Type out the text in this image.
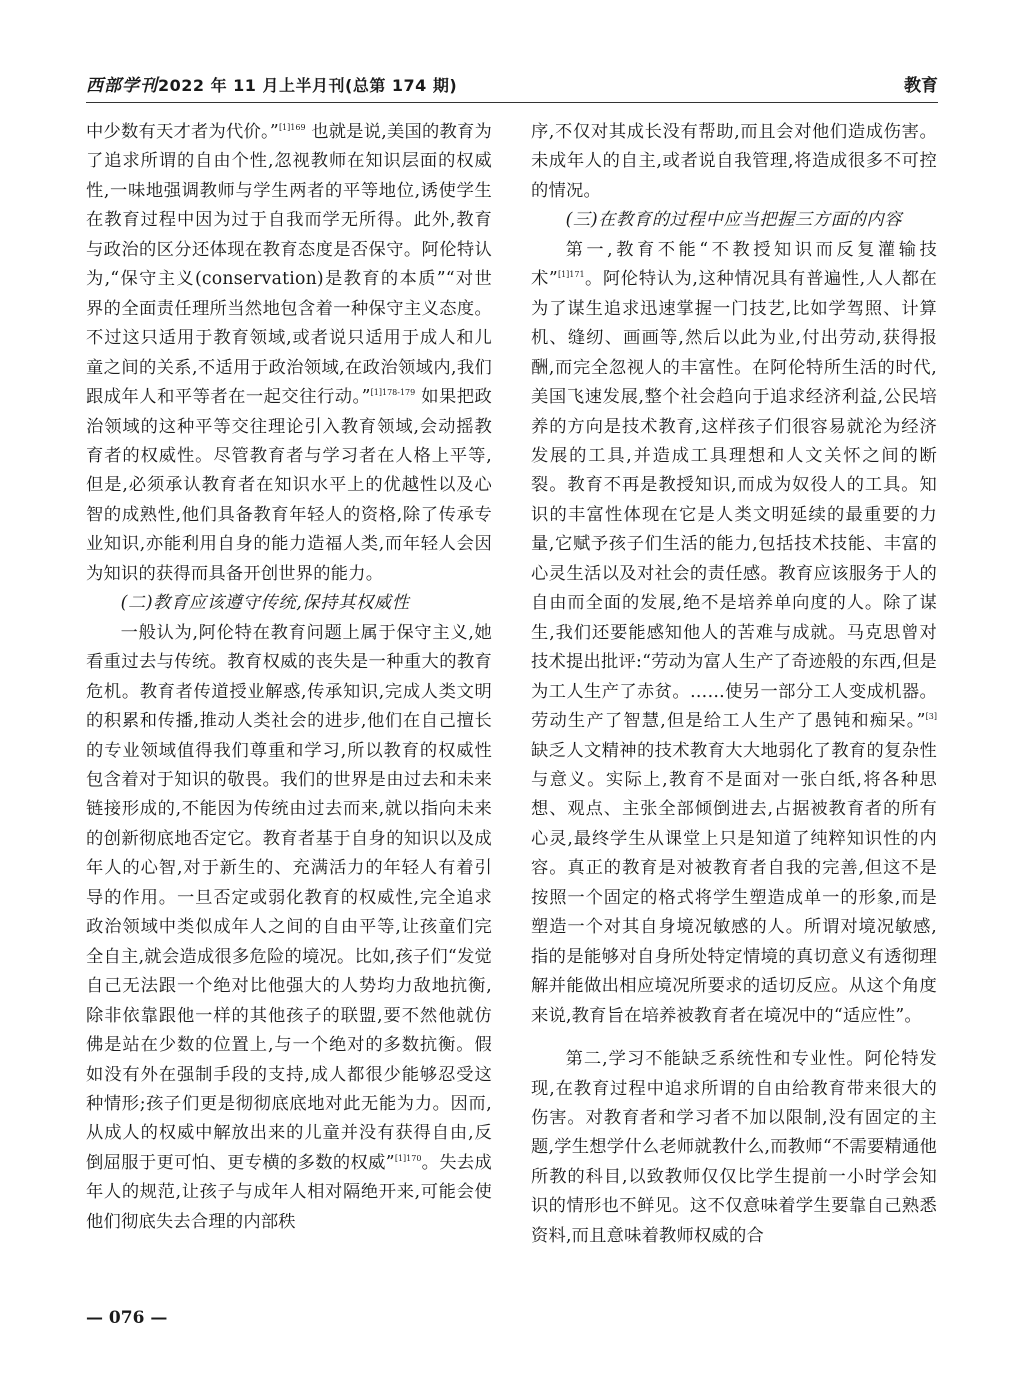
西部学刊 2022 年 11 月上半月刊(总第 174 期)	教育

中少数有天才者为代价。”$^{[1]169}$ 也就是说,美国的教育为了追求所谓的自由个性,忽视教师在知识层面的权威性,一味地强调教师与学生两者的平等地位,诱使学生在教育过程中因为过于自我而学无所得。此外,教育与政治的区分还体现在教育态度是否保守。阿伦特认为,“保守主义(conservation)是教育的本质”“对世界的全面责任理所当然地包含着一种保守主义态度。不过这只适用于教育领域,或者说只适用于成人和儿童之间的关系,不适用于政治领域,在政治领域内,我们跟成年人和平等者在一起交往行动。”$^{[1]178-179}$ 如果把政治领域的这种平等交往理论引入教育领域,会动摇教育者的权威性。尽管教育者与学习者在人格上平等,但是,必须承认教育者在知识水平上的优越性以及心智的成熟性,他们具备教育年轻人的资格,除了传承专业知识,亦能利用自身的能力造福人类,而年轻人会因为知识的获得而具备开创世界的能力。

(二)教育应该遵守传统,保持其权威性

一般认为,阿伦特在教育问题上属于保守主义,她看重过去与传统。教育权威的丧失是一种重大的教育危机。教育者传道授业解惑,传承知识,完成人类文明的积累和传播,推动人类社会的进步,他们在自己擅长的专业领域值得我们尊重和学习,所以教育的权威性包含着对于知识的敬畏。我们的世界是由过去和未来链接形成的,不能因为传统由过去而来,就以指向未来的创新彻底地否定它。教育者基于自身的知识以及成年人的心智,对于新生的、充满活力的年轻人有着引导的作用。一旦否定或弱化教育的权威性,完全追求政治领域中类似成年人之间的自由平等,让孩童们完全自主,就会造成很多危险的境况。比如,孩子们“发觉自己无法跟一个绝对比他强大的人势均力敌地抗衡,除非依靠跟他一样的其他孩子的联盟,要不然他就仿佛是站在少数的位置上,与一个绝对的多数抗衡。假如没有外在强制手段的支持,成人都很少能够忍受这种情形;孩子们更是彻彻底底地对此无能为力。因而,从成人的权威中解放出来的儿童并没有获得自由,反倒屈服于更可怕、更专横的多数的权威”$^{[1]170}$。失去成年人的规范,让孩子与成年人相对隔绝开来,可能会使他们彻底失去合理的内部秩

序,不仅对其成长没有帮助,而且会对他们造成伤害。未成年人的自主,或者说自我管理,将造成很多不可控的情况。

(三)在教育的过程中应当把握三方面的内容

第一,教育不能“不教授知识而反复灌输技术”$^{[1]171}$。阿伦特认为,这种情况具有普遍性,人人都在为了谋生追求迅速掌握一门技艺,比如学驾照、计算机、缝纫、画画等,然后以此为业,付出劳动,获得报酬,而完全忽视人的丰富性。在阿伦特所生活的时代,美国飞速发展,整个社会趋向于追求经济利益,公民培养的方向是技术教育,这样孩子们很容易就沦为经济发展的工具,并造成工具理想和人文关怀之间的断裂。教育不再是教授知识,而成为奴役人的工具。知识的丰富性体现在它是人类文明延续的最重要的力量,它赋予孩子们生活的能力,包括技术技能、丰富的心灵生活以及对社会的责任感。教育应该服务于人的自由而全面的发展,绝不是培养单向度的人。除了谋生,我们还要能感知他人的苦难与成就。马克思曾对技术提出批评:“劳动为富人生产了奇迹般的东西,但是为工人生产了赤贫。……使另一部分工人变成机器。劳动生产了智慧,但是给工人生产了愚钝和痴呆。”[3] 缺乏人文精神的技术教育大大地弱化了教育的复杂性与意义。实际上,教育不是面对一张白纸,将各种思想、观点、主张全部倾倒进去,占据被教育者的所有心灵,最终学生从课堂上只是知道了纯粹知识性的内容。真正的教育是对被教育者自我的完善,但这不是按照一个固定的格式将学生塑造成单一的形象,而是塑造一个对其自身境况敏感的人。所谓对境况敏感,指的是能够对自身所处特定情境的真切意义有透彻理解并能做出相应境况所要求的适切反应。从这个角度来说,教育旨在培养被教育者在境况中的“适应性”。

第二,学习不能缺乏系统性和专业性。阿伦特发现,在教育过程中追求所谓的自由给教育带来很大的伤害。对教育者和学习者不加以限制,没有固定的主题,学生想学什么老师就教什么,而教师“不需要精通他所教的科目,以致教师仅仅比学生提前一小时学会知识的情形也不鲜见。这不仅意味着学生要靠自己熟悉资料,而且意味着教师权威的合

— 076 —
